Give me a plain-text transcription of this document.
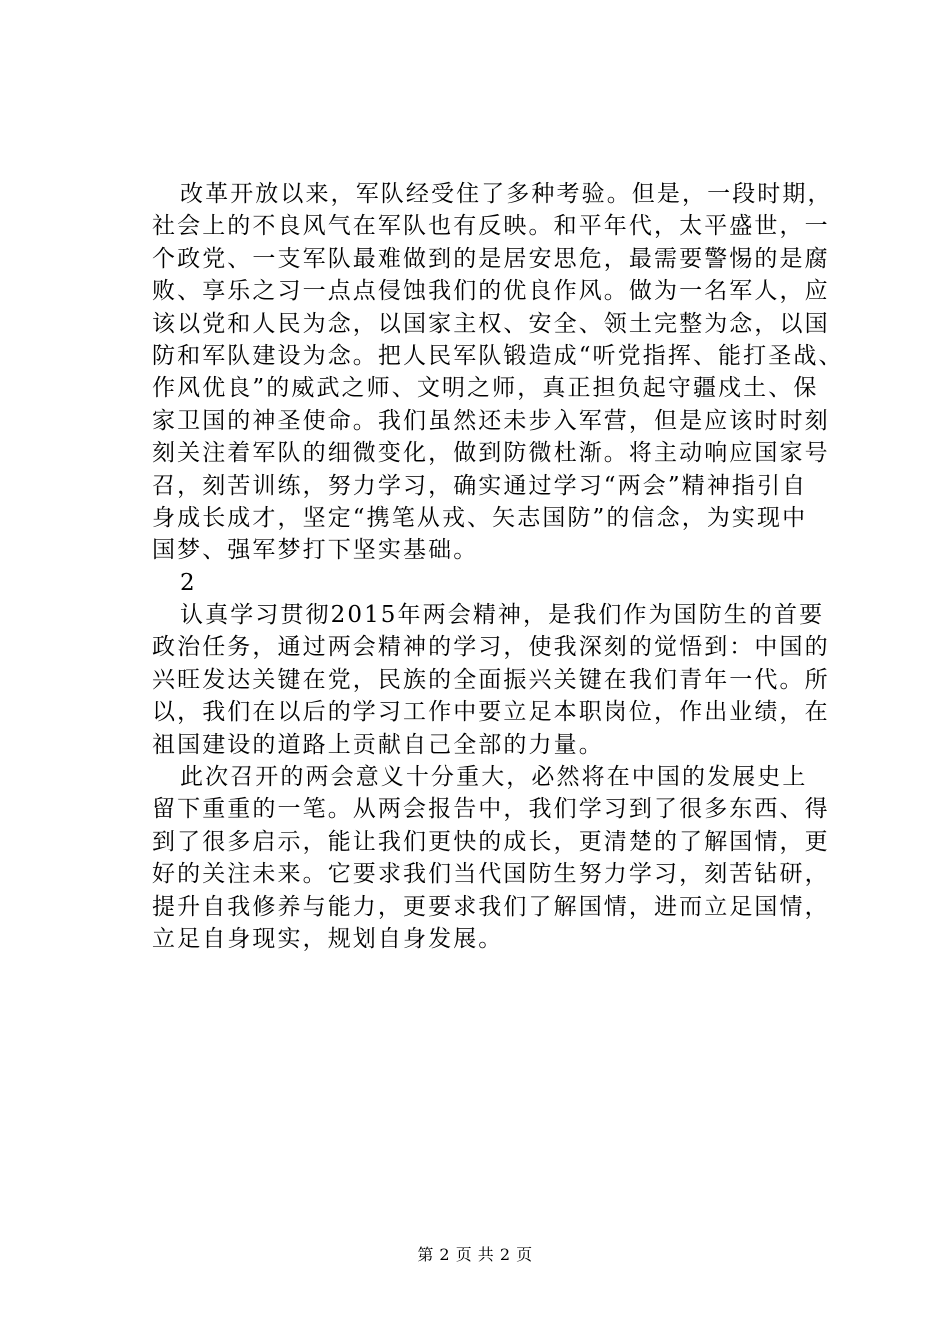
改革开放以来，军队经受住了多种考验。但是，一段时期，
社会上的不良风气在军队也有反映。和平年代，太平盛世，一
个政党、一支军队最难做到的是居安思危，最需要警惕的是腐
败、享乐之习一点点侵蚀我们的优良作风。做为一名军人，应
该以党和人民为念，以国家主权、安全、领土完整为念，以国
防和军队建设为念。把人民军队锻造成“听党指挥、能打圣战、
作风优良”的威武之师、文明之师，真正担负起守疆戍土、保
家卫国的神圣使命。我们虽然还未步入军营，但是应该时时刻
刻关注着军队的细微变化，做到防微杜渐。将主动响应国家号
召，刻苦训练，努力学习，确实通过学习“两会”精神指引自
身成长成才，坚定“携笔从戎、矢志国防”的信念，为实现中
国梦、强军梦打下坚实基础。
2
认真学习贯彻2015年两会精神，是我们作为国防生的首要
政治任务，通过两会精神的学习，使我深刻的觉悟到：中国的
兴旺发达关键在党，民族的全面振兴关键在我们青年一代。所
以，我们在以后的学习工作中要立足本职岗位，作出业绩，在
祖国建设的道路上贡献自己全部的力量。
此次召开的两会意义十分重大，必然将在中国的发展史上
留下重重的一笔。从两会报告中，我们学习到了很多东西、得
到了很多启示，能让我们更快的成长，更清楚的了解国情，更
好的关注未来。它要求我们当代国防生努力学习，刻苦钻研，
提升自我修养与能力，更要求我们了解国情，进而立足国情，
立足自身现实，规划自身发展。
第 2 页 共 2 页
